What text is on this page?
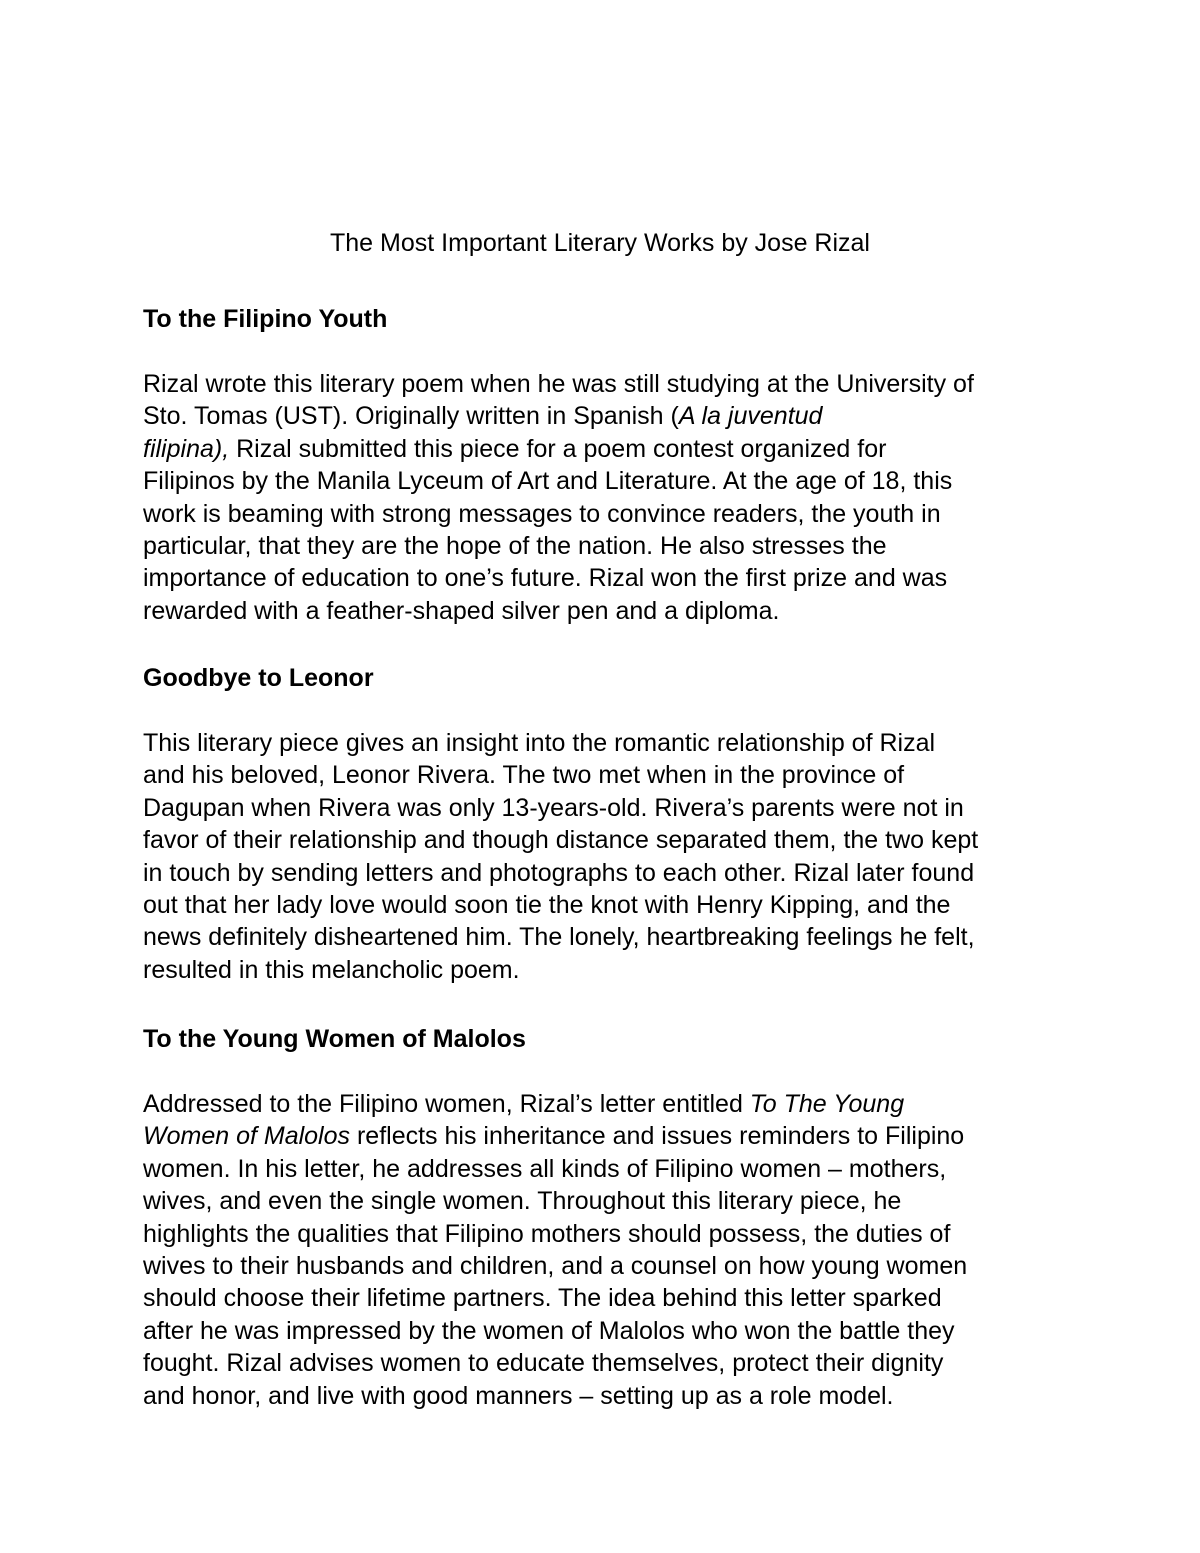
The Most Important Literary Works by Jose Rizal
To the Filipino Youth

Rizal wrote this literary poem when he was still studying at the University of
Sto. Tomas (UST). Originally written in Spanish (A la juventud
filipina), Rizal submitted this piece for a poem contest organized for
Filipinos by the Manila Lyceum of Art and Literature. At the age of 18, this
work is beaming with strong messages to convince readers, the youth in
particular, that they are the hope of the nation. He also stresses the
importance of education to one’s future. Rizal won the first prize and was
rewarded with a feather-shaped silver pen and a diploma.

Goodbye to Leonor

This literary piece gives an insight into the romantic relationship of Rizal
and his beloved, Leonor Rivera. The two met when in the province of
Dagupan when Rivera was only 13-years-old. Rivera’s parents were not in
favor of their relationship and though distance separated them, the two kept
in touch by sending letters and photographs to each other. Rizal later found
out that her lady love would soon tie the knot with Henry Kipping, and the
news definitely disheartened him. The lonely, heartbreaking feelings he felt,
resulted in this melancholic poem.

To the Young Women of Malolos

Addressed to the Filipino women, Rizal’s letter entitled To The Young
Women of Malolos reflects his inheritance and issues reminders to Filipino
women. In his letter, he addresses all kinds of Filipino women – mothers,
wives, and even the single women. Throughout this literary piece, he
highlights the qualities that Filipino mothers should possess, the duties of
wives to their husbands and children, and a counsel on how young women
should choose their lifetime partners. The idea behind this letter sparked
after he was impressed by the women of Malolos who won the battle they
fought. Rizal advises women to educate themselves, protect their dignity
and honor, and live with good manners – setting up as a role model.
